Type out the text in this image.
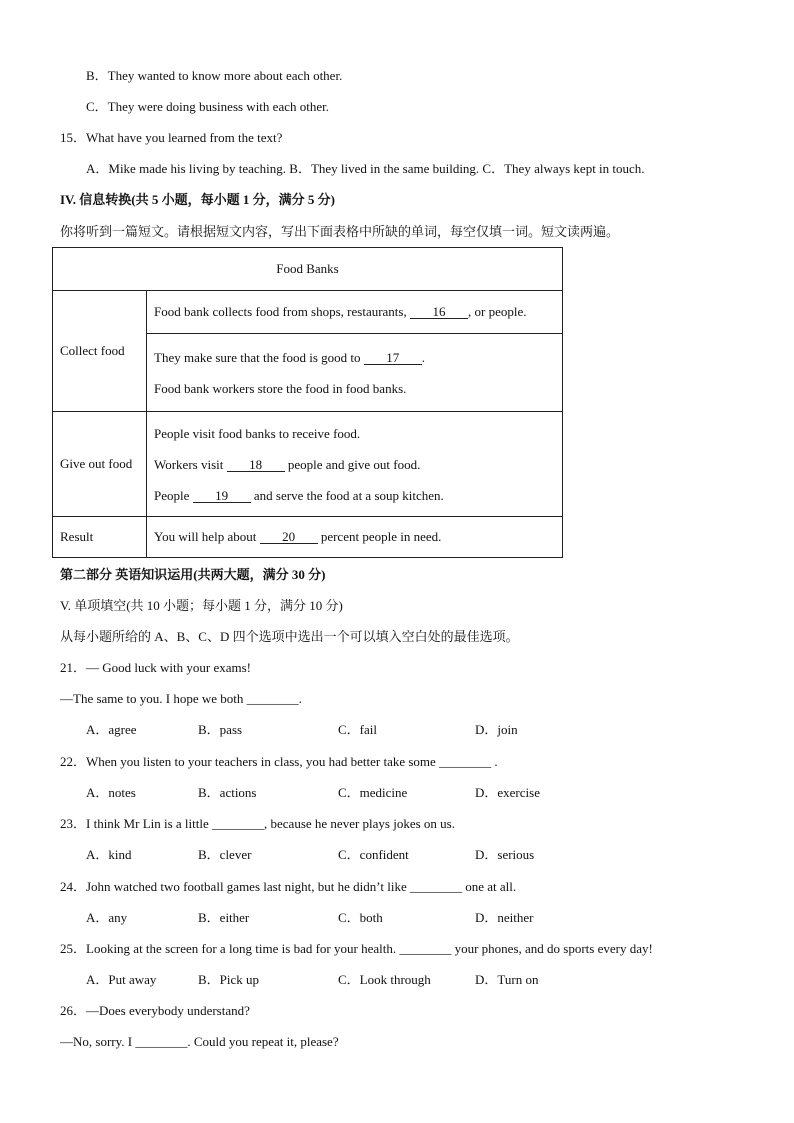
B．They wanted to know more about each other.
C．They were doing business with each other.
15．What have you learned from the text?
A．Mike made his living by teaching. B．They lived in the same building. C．They always kept in touch.
IV. 信息转换(共 5 小题，每小题 1 分，满分 5 分)
你将听到一篇短文。请根据短文内容，写出下面表格中所缺的单词，每空仅填一词。短文读两遍。
Food Banks	
Collect food	Food bank collects food from shops, restaurants, 16 , or people.

	They make sure that the food is good to 17 .
Food bank workers store the food in food banks.

Give out food	People visit food banks to receive food.
Workers visit 18 people and give out food.
People 19 and serve the food at a soup kitchen.

Result	You will help about 20 percent people in need.
第二部分 英语知识运用(共两大题，满分 30 分)
V. 单项填空(共 10 小题；每小题 1 分，满分 10 分)
从每小题所给的 A、B、C、D 四个选项中选出一个可以填入空白处的最佳选项。
21．— Good luck with your exams!
—The same to you. I hope we both ________.
A．agree	B．pass	C．fail	D．join
22．When you listen to your teachers in class, you had better take some ________ .
A．notes	B．actions	C．medicine	D．exercise
23．I think Mr Lin is a little ________, because he never plays jokes on us.
A．kind	B．clever	C．confident	D．serious
24．John watched two football games last night, but he didn’t like ________ one at all.
A．any	B．either	C．both	D．neither
25．Looking at the screen for a long time is bad for your health. ________ your phones, and do sports every day!
A．Put away	B．Pick up	C．Look through	D．Turn on
26．—Does everybody understand?
—No, sorry. I ________. Could you repeat it, please?
